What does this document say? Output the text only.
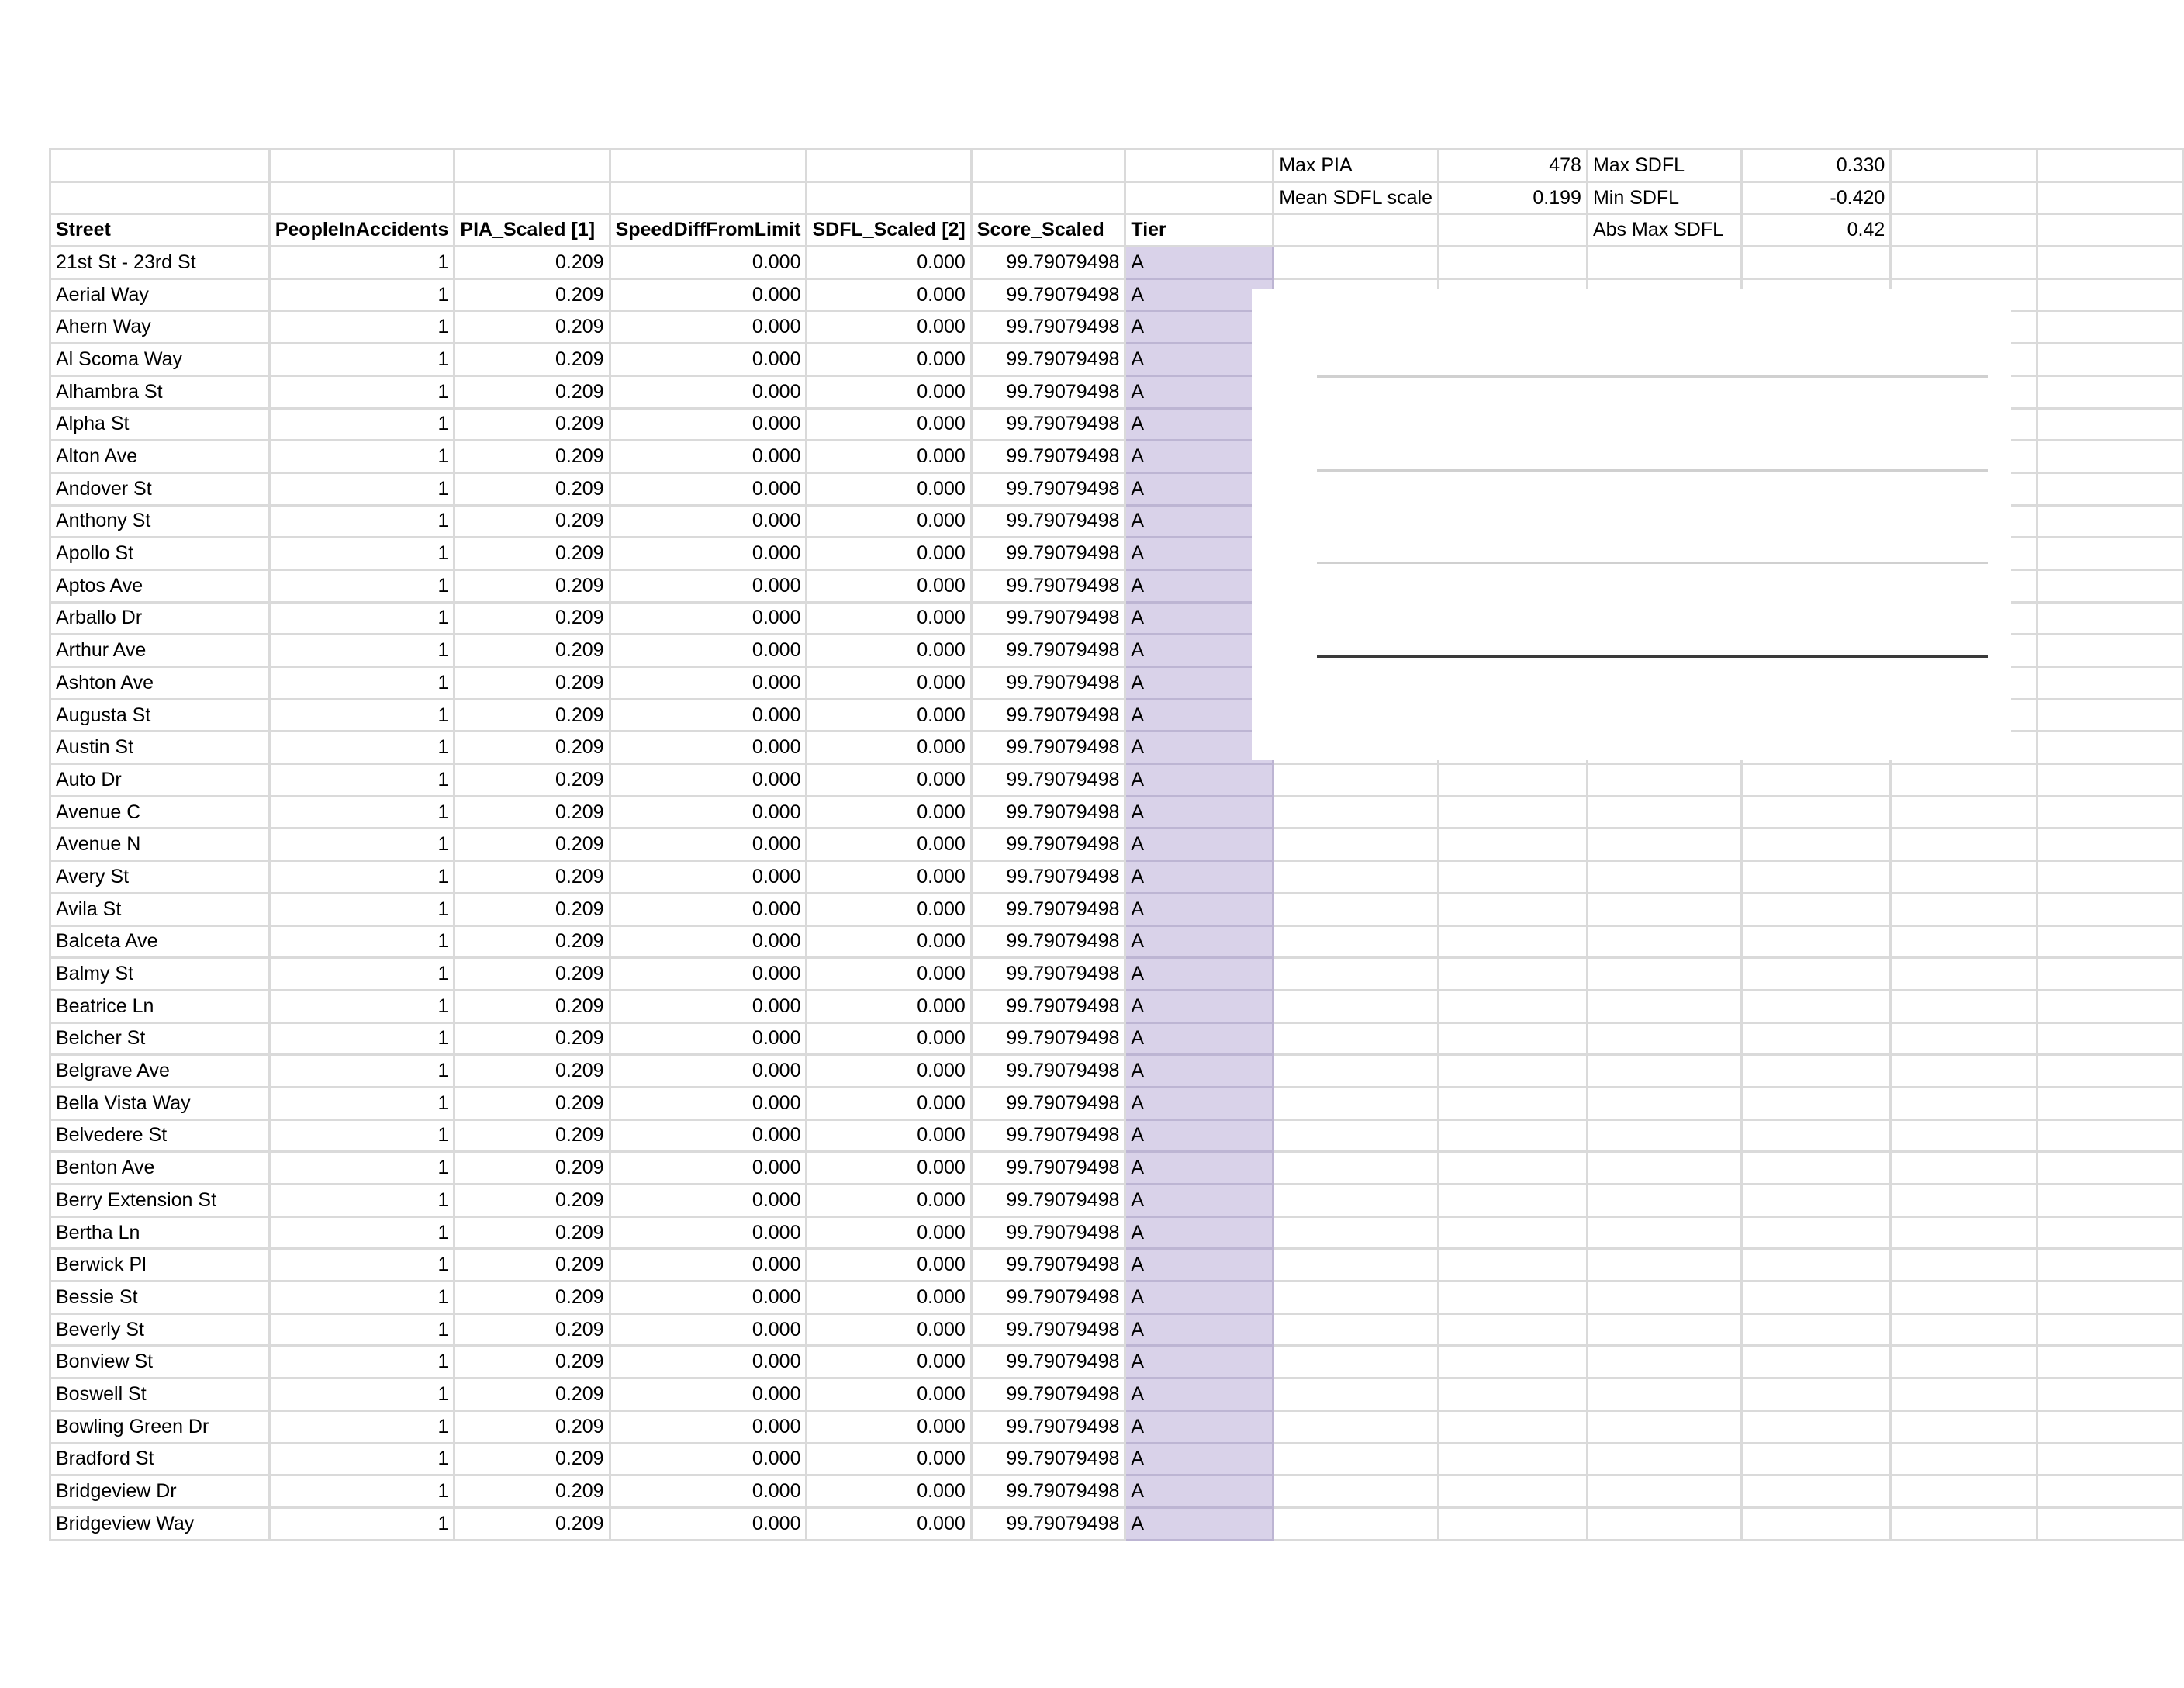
							Max PIA	478	Max SDFL	0.330		
							Mean SDFL scale	0.199	Min SDFL	-0.420		
Street	PeopleInAccidents	PIA_Scaled [1]	SpeedDiffFromLimit	SDFL_Scaled [2]	Score_Scaled	Tier			Abs Max SDFL	0.42		
21st St - 23rd St	1	0.209	0.000	0.000	99.79079498	A						
Aerial Way	1	0.209	0.000	0.000	99.79079498	A						
Ahern Way	1	0.209	0.000	0.000	99.79079498	A						
Al Scoma Way	1	0.209	0.000	0.000	99.79079498	A						
Alhambra St	1	0.209	0.000	0.000	99.79079498	A						
Alpha St	1	0.209	0.000	0.000	99.79079498	A						
Alton Ave	1	0.209	0.000	0.000	99.79079498	A						
Andover St	1	0.209	0.000	0.000	99.79079498	A						
Anthony St	1	0.209	0.000	0.000	99.79079498	A						
Apollo St	1	0.209	0.000	0.000	99.79079498	A						
Aptos Ave	1	0.209	0.000	0.000	99.79079498	A						
Arballo Dr	1	0.209	0.000	0.000	99.79079498	A						
Arthur Ave	1	0.209	0.000	0.000	99.79079498	A						
Ashton Ave	1	0.209	0.000	0.000	99.79079498	A						
Augusta St	1	0.209	0.000	0.000	99.79079498	A						
Austin St	1	0.209	0.000	0.000	99.79079498	A						
Auto Dr	1	0.209	0.000	0.000	99.79079498	A						
Avenue C	1	0.209	0.000	0.000	99.79079498	A						
Avenue N	1	0.209	0.000	0.000	99.79079498	A						
Avery St	1	0.209	0.000	0.000	99.79079498	A						
Avila St	1	0.209	0.000	0.000	99.79079498	A						
Balceta Ave	1	0.209	0.000	0.000	99.79079498	A						
Balmy St	1	0.209	0.000	0.000	99.79079498	A						
Beatrice Ln	1	0.209	0.000	0.000	99.79079498	A						
Belcher St	1	0.209	0.000	0.000	99.79079498	A						
Belgrave Ave	1	0.209	0.000	0.000	99.79079498	A						
Bella Vista Way	1	0.209	0.000	0.000	99.79079498	A						
Belvedere St	1	0.209	0.000	0.000	99.79079498	A						
Benton Ave	1	0.209	0.000	0.000	99.79079498	A						
Berry Extension St	1	0.209	0.000	0.000	99.79079498	A						
Bertha Ln	1	0.209	0.000	0.000	99.79079498	A						
Berwick Pl	1	0.209	0.000	0.000	99.79079498	A						
Bessie St	1	0.209	0.000	0.000	99.79079498	A						
Beverly St	1	0.209	0.000	0.000	99.79079498	A						
Bonview St	1	0.209	0.000	0.000	99.79079498	A						
Boswell St	1	0.209	0.000	0.000	99.79079498	A						
Bowling Green Dr	1	0.209	0.000	0.000	99.79079498	A						
Bradford St	1	0.209	0.000	0.000	99.79079498	A						
Bridgeview Dr	1	0.209	0.000	0.000	99.79079498	A						
Bridgeview Way	1	0.209	0.000	0.000	99.79079498	A						
